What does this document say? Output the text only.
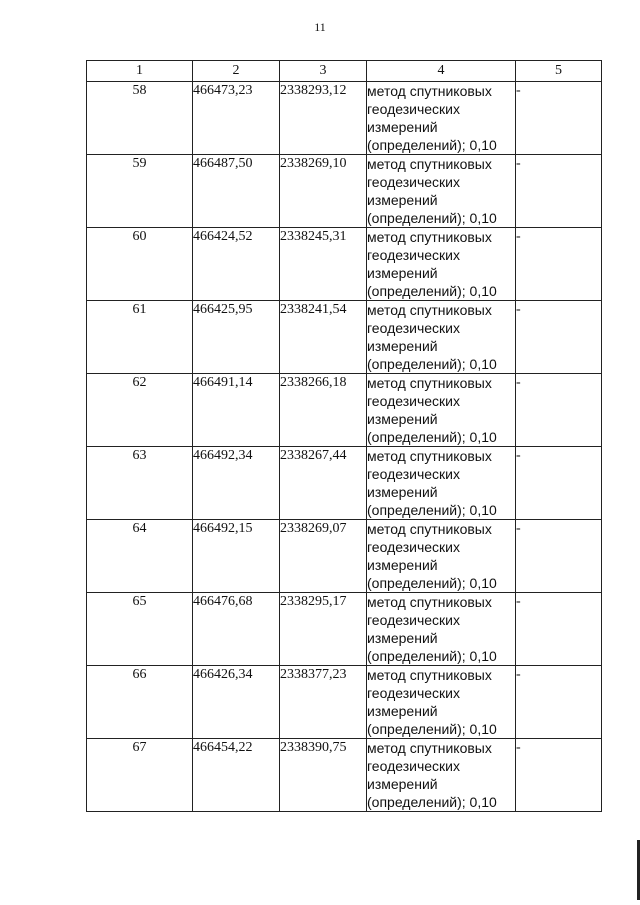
11
1	2	3	4	5
58	466473,23	2338293,12	метод спутниковых
геодезических
измерений
(определений); 0,10	-
59	466487,50	2338269,10	метод спутниковых
геодезических
измерений
(определений); 0,10	-
60	466424,52	2338245,31	метод спутниковых
геодезических
измерений
(определений); 0,10	-
61	466425,95	2338241,54	метод спутниковых
геодезических
измерений
(определений); 0,10	-
62	466491,14	2338266,18	метод спутниковых
геодезических
измерений
(определений); 0,10	-
63	466492,34	2338267,44	метод спутниковых
геодезических
измерений
(определений); 0,10	-
64	466492,15	2338269,07	метод спутниковых
геодезических
измерений
(определений); 0,10	-
65	466476,68	2338295,17	метод спутниковых
геодезических
измерений
(определений); 0,10	-
66	466426,34	2338377,23	метод спутниковых
геодезических
измерений
(определений); 0,10	-
67	466454,22	2338390,75	метод спутниковых
геодезических
измерений
(определений); 0,10	-
